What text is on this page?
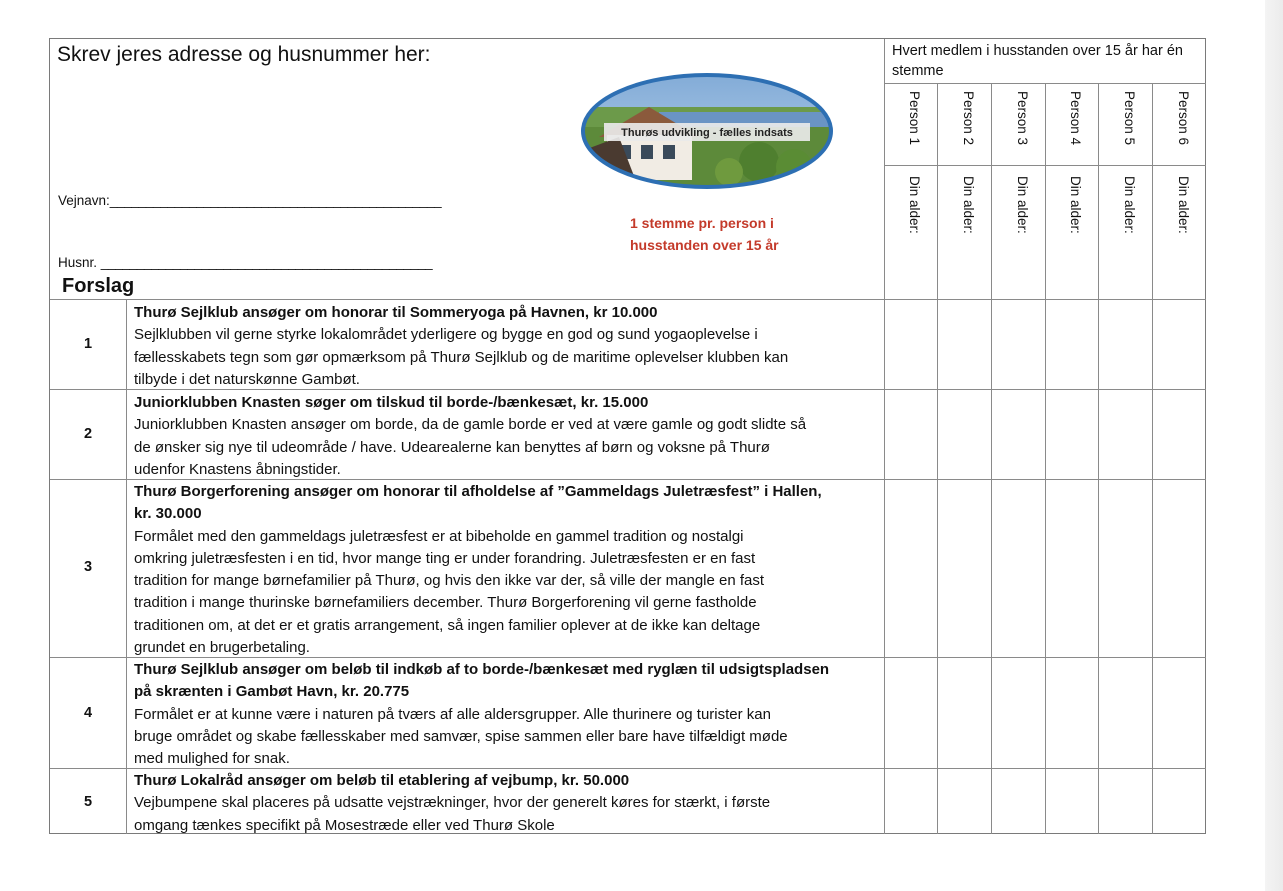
Skrev jeres adresse og husnummer her:
Vejnavn:______________________________________________
Husnr. ______________________________________________
Forslag
Thurøs udvikling - fælles indsats
1 stemme pr. person i
husstanden over 15 år
Hvert medlem i husstanden over 15 år har én stemme
Person 1	Person 2	Person 3	Person 4	Person 5	Person 6
Din alder:	Din alder:	Din alder:	Din alder:	Din alder:	Din alder:
1
Thurø Sejlklub ansøger om honorar til Sommeryoga på Havnen, kr 10.000
Sejlklubben vil gerne styrke lokalområdet yderligere og bygge en god og sund yogaoplevelse i
fællesskabets tegn som gør opmærksom på Thurø Sejlklub og de maritime oplevelser klubben kan
tilbyde i det naturskønne Gambøt.
2
Juniorklubben Knasten søger om tilskud til borde-/bænkesæt, kr. 15.000
Juniorklubben Knasten ansøger om borde, da de gamle borde er ved at være gamle og godt slidte så
de ønsker sig nye til udeområde / have. Udearealerne kan benyttes af børn og voksne på Thurø
udenfor Knastens åbningstider.
3
Thurø Borgerforening ansøger om honorar til afholdelse af ”Gammeldags Juletræsfest” i Hallen,
kr. 30.000
Formålet med den gammeldags juletræsfest er at bibeholde en gammel tradition og nostalgi
omkring juletræsfesten i en tid, hvor mange ting er under forandring. Juletræsfesten er en fast
tradition for mange børnefamilier på Thurø, og hvis den ikke var der, så ville der mangle en fast
tradition i mange thurinske børnefamiliers december. Thurø Borgerforening vil gerne fastholde
traditionen om, at det er et gratis arrangement, så ingen familier oplever at de ikke kan deltage
grundet en brugerbetaling.
4
Thurø Sejlklub ansøger om beløb til indkøb af to borde-/bænkesæt med ryglæn til udsigtspladsen
på skrænten i Gambøt Havn, kr. 20.775
Formålet er at kunne være i naturen på tværs af alle aldersgrupper. Alle thurinere og turister kan
bruge området og skabe fællesskaber med samvær, spise sammen eller bare have tilfældigt møde
med mulighed for snak.
5
Thurø Lokalråd ansøger om beløb til etablering af vejbump, kr. 50.000
Vejbumpene skal placeres på udsatte vejstrækninger, hvor der generelt køres for stærkt, i første
omgang tænkes specifikt på Mosestræde eller ved Thurø Skole
